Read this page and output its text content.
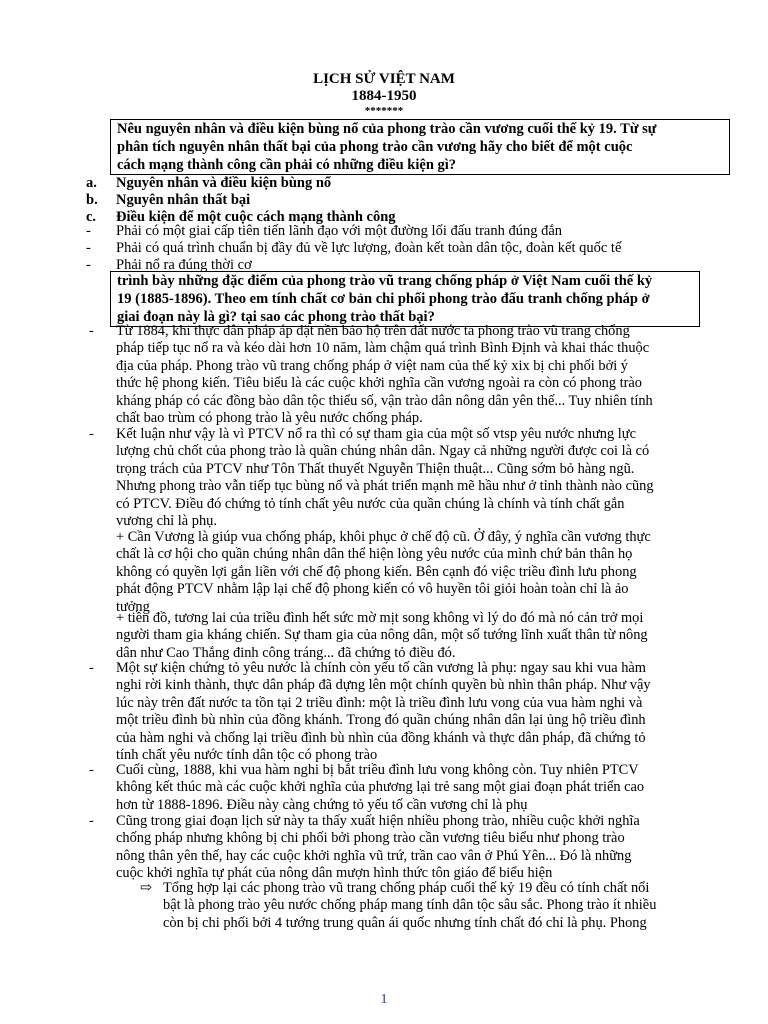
LỊCH SỬ VIỆT NAM
1884-1950
*******
Nêu nguyên nhân và điều kiện bùng nổ của phong trào cần vương cuối thế kỷ 19. Từ sự
phân tích nguyên nhân thất bại của phong trào cần vương hãy cho biết để một cuộc
cách mạng thành công cần phải có những điều kiện gì?
a. Nguyên nhân và điều kiện bùng nổ
b. Nguyên nhân thất bại
c. Điều kiện để một cuộc cách mạng thành công
- Phải có một giai cấp tiên tiến lãnh đạo với một đường lối đấu tranh đúng đắn
- Phải có quá trình chuẩn bị đầy đủ về lực lượng, đoàn kết toàn dân tộc, đoàn kết quốc tế
- Phải nổ ra đúng thời cơ
trình bày những đặc điểm của phong trào vũ trang chống pháp ở Việt Nam cuối thế kỷ
19 (1885-1896). Theo em tính chất cơ bản chi phối phong trào đấu tranh chống pháp ở
giai đoạn này là gì? tại sao các phong trào thất bại?
- Từ 1884, khi thực dân pháp áp đặt nền bảo hộ trên đất nước ta phong trào vũ trang chống
pháp tiếp tục nổ ra và kéo dài hơn 10 năm, làm chậm quá trình Bình Định và khai thác thuộc
địa của pháp. Phong trào vũ trang chống pháp ở việt nam của thế kỷ xix bị chi phối bởi ý
thức hệ phong kiến. Tiêu biểu là các cuộc khởi nghĩa cần vương ngoài ra còn có phong trào
kháng pháp có các đồng bào dân tộc thiểu số, vận trào dân nông dân yên thế... Tuy nhiên tính
chất bao trùm có phong trào là yêu nước chống pháp.
- Kết luận như vậy là vì PTCV nổ ra thì có sự tham gia của một số vtsp yêu nước nhưng lực
lượng chủ chốt của phong trào là quần chúng nhân dân. Ngay cả những người được coi là có
trọng trách của PTCV như Tôn Thất thuyết Nguyễn Thiện thuật... Cũng sớm bỏ hàng ngũ.
Nhưng phong trào vẫn tiếp tục bùng nổ và phát triển mạnh mẽ hầu như ở tỉnh thành nào cũng
có PTCV. Điều đó chứng tỏ tính chất yêu nước của quần chúng là chính và tính chất gắn
vương chỉ là phụ.
+ Cần Vương là giúp vua chống pháp, khôi phục ở chế độ cũ. Ở đây, ý nghĩa cần vương thực
chất là cơ hội cho quần chúng nhân dân thể hiện lòng yêu nước của mình chứ bản thân họ
không có quyền lợi gắn liền với chế độ phong kiến. Bên cạnh đó việc triều đình lưu phong
phát động PTCV nhằm lập lại chế độ phong kiến có vô huyền tôi giỏi hoàn toàn chỉ là ảo
tưởng
+ tiền đồ, tương lai của triều đình hết sức mờ mịt song không vì lý do đó mà nó cản trở mọi
người tham gia kháng chiến. Sự tham gia của nông dân, một số tướng lĩnh xuất thân từ nông
dân như Cao Thắng đinh công tráng... đã chứng tỏ điều đó.
- Một sự kiện chứng tỏ yêu nước là chính còn yếu tố cần vương là phụ: ngay sau khi vua hàm
nghi rời kinh thành, thực dân pháp đã dựng lên một chính quyền bù nhìn thân pháp. Như vậy
lúc này trên đất nước ta tồn tại 2 triều đình: một là triều đình lưu vong của vua hàm nghi và
một triều đình bù nhìn của đồng khánh. Trong đó quần chúng nhân dân lại ủng hộ triều đình
của hàm nghi và chống lại triều đình bù nhìn của đồng khánh và thực dân pháp, đã chứng tỏ
tính chất yêu nước tính dân tộc có phong trào
- Cuối cùng, 1888, khi vua hàm nghi bị bắt triều đình lưu vong không còn. Tuy nhiên PTCV
không kết thúc mà các cuộc khởi nghĩa của phương lại trẻ sang một giai đoạn phát triển cao
hơn từ 1888-1896. Điều này càng chứng tỏ yếu tố cần vương chỉ là phụ
- Cũng trong giai đoạn lịch sử này ta thấy xuất hiện nhiều phong trào, nhiều cuộc khởi nghĩa
chống pháp nhưng không bị chi phối bởi phong trào cần vương tiêu biểu như phong trào
nông thân yên thế, hay các cuộc khởi nghĩa vũ trứ, trần cao vân ở Phú Yên... Đó là những
cuộc khởi nghĩa tự phát của nông dân mượn hình thức tôn giáo để biểu hiện
⇨ Tổng hợp lại các phong trào vũ trang chống pháp cuối thế kỷ 19 đều có tính chất nổi
bật là phong trào yêu nước chống pháp mang tính dân tộc sâu sắc. Phong trào ít nhiều
còn bị chi phối bởi 4 tướng trung quân ái quốc nhưng tính chất đó chỉ là phụ. Phong
1
